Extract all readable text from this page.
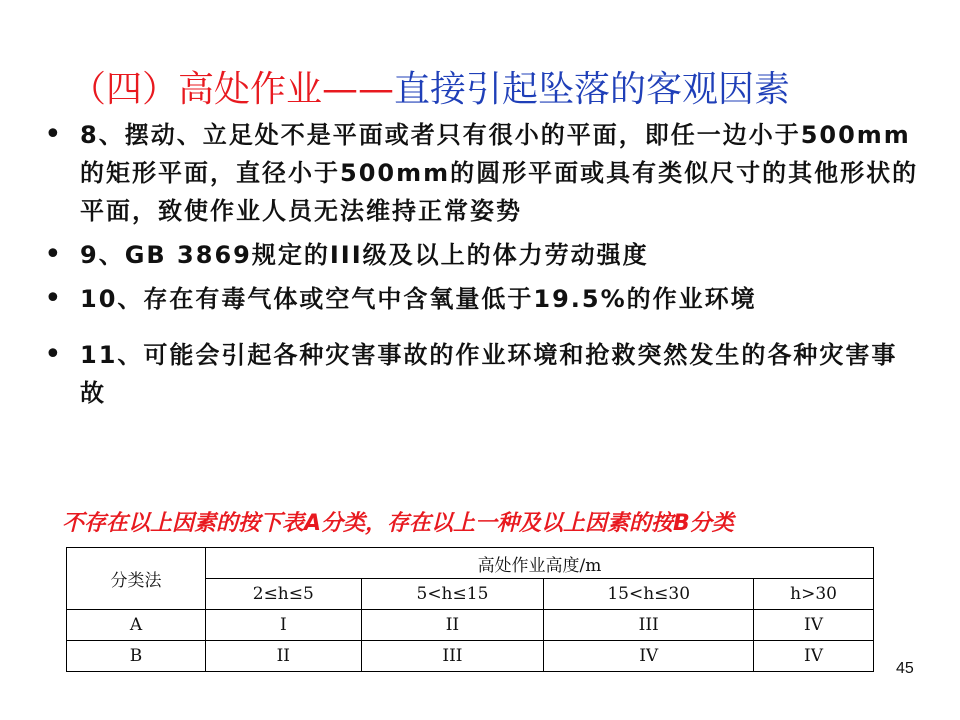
（四）高处作业——直接引起坠落的客观因素
• 8、摆动、立足处不是平面或者只有很小的平面，即任一边小于500mm的矩形平面，直径小于500mm的圆形平面或具有类似尺寸的其他形状的平面，致使作业人员无法维持正常姿势
• 9、GB 3869规定的III级及以上的体力劳动强度
• 10、存在有毒气体或空气中含氧量低于19.5%的作业环境
• 11、可能会引起各种灾害事故的作业环境和抢救突然发生的各种灾害事故
不存在以上因素的按下表A分类，存在以上一种及以上因素的按B分类
分类法	高处作业高度/m			
	2≤h≤5	5<h≤15	15<h≤30	h>30
A	I	II	III	IV
B	II	III	IV	IV
45
